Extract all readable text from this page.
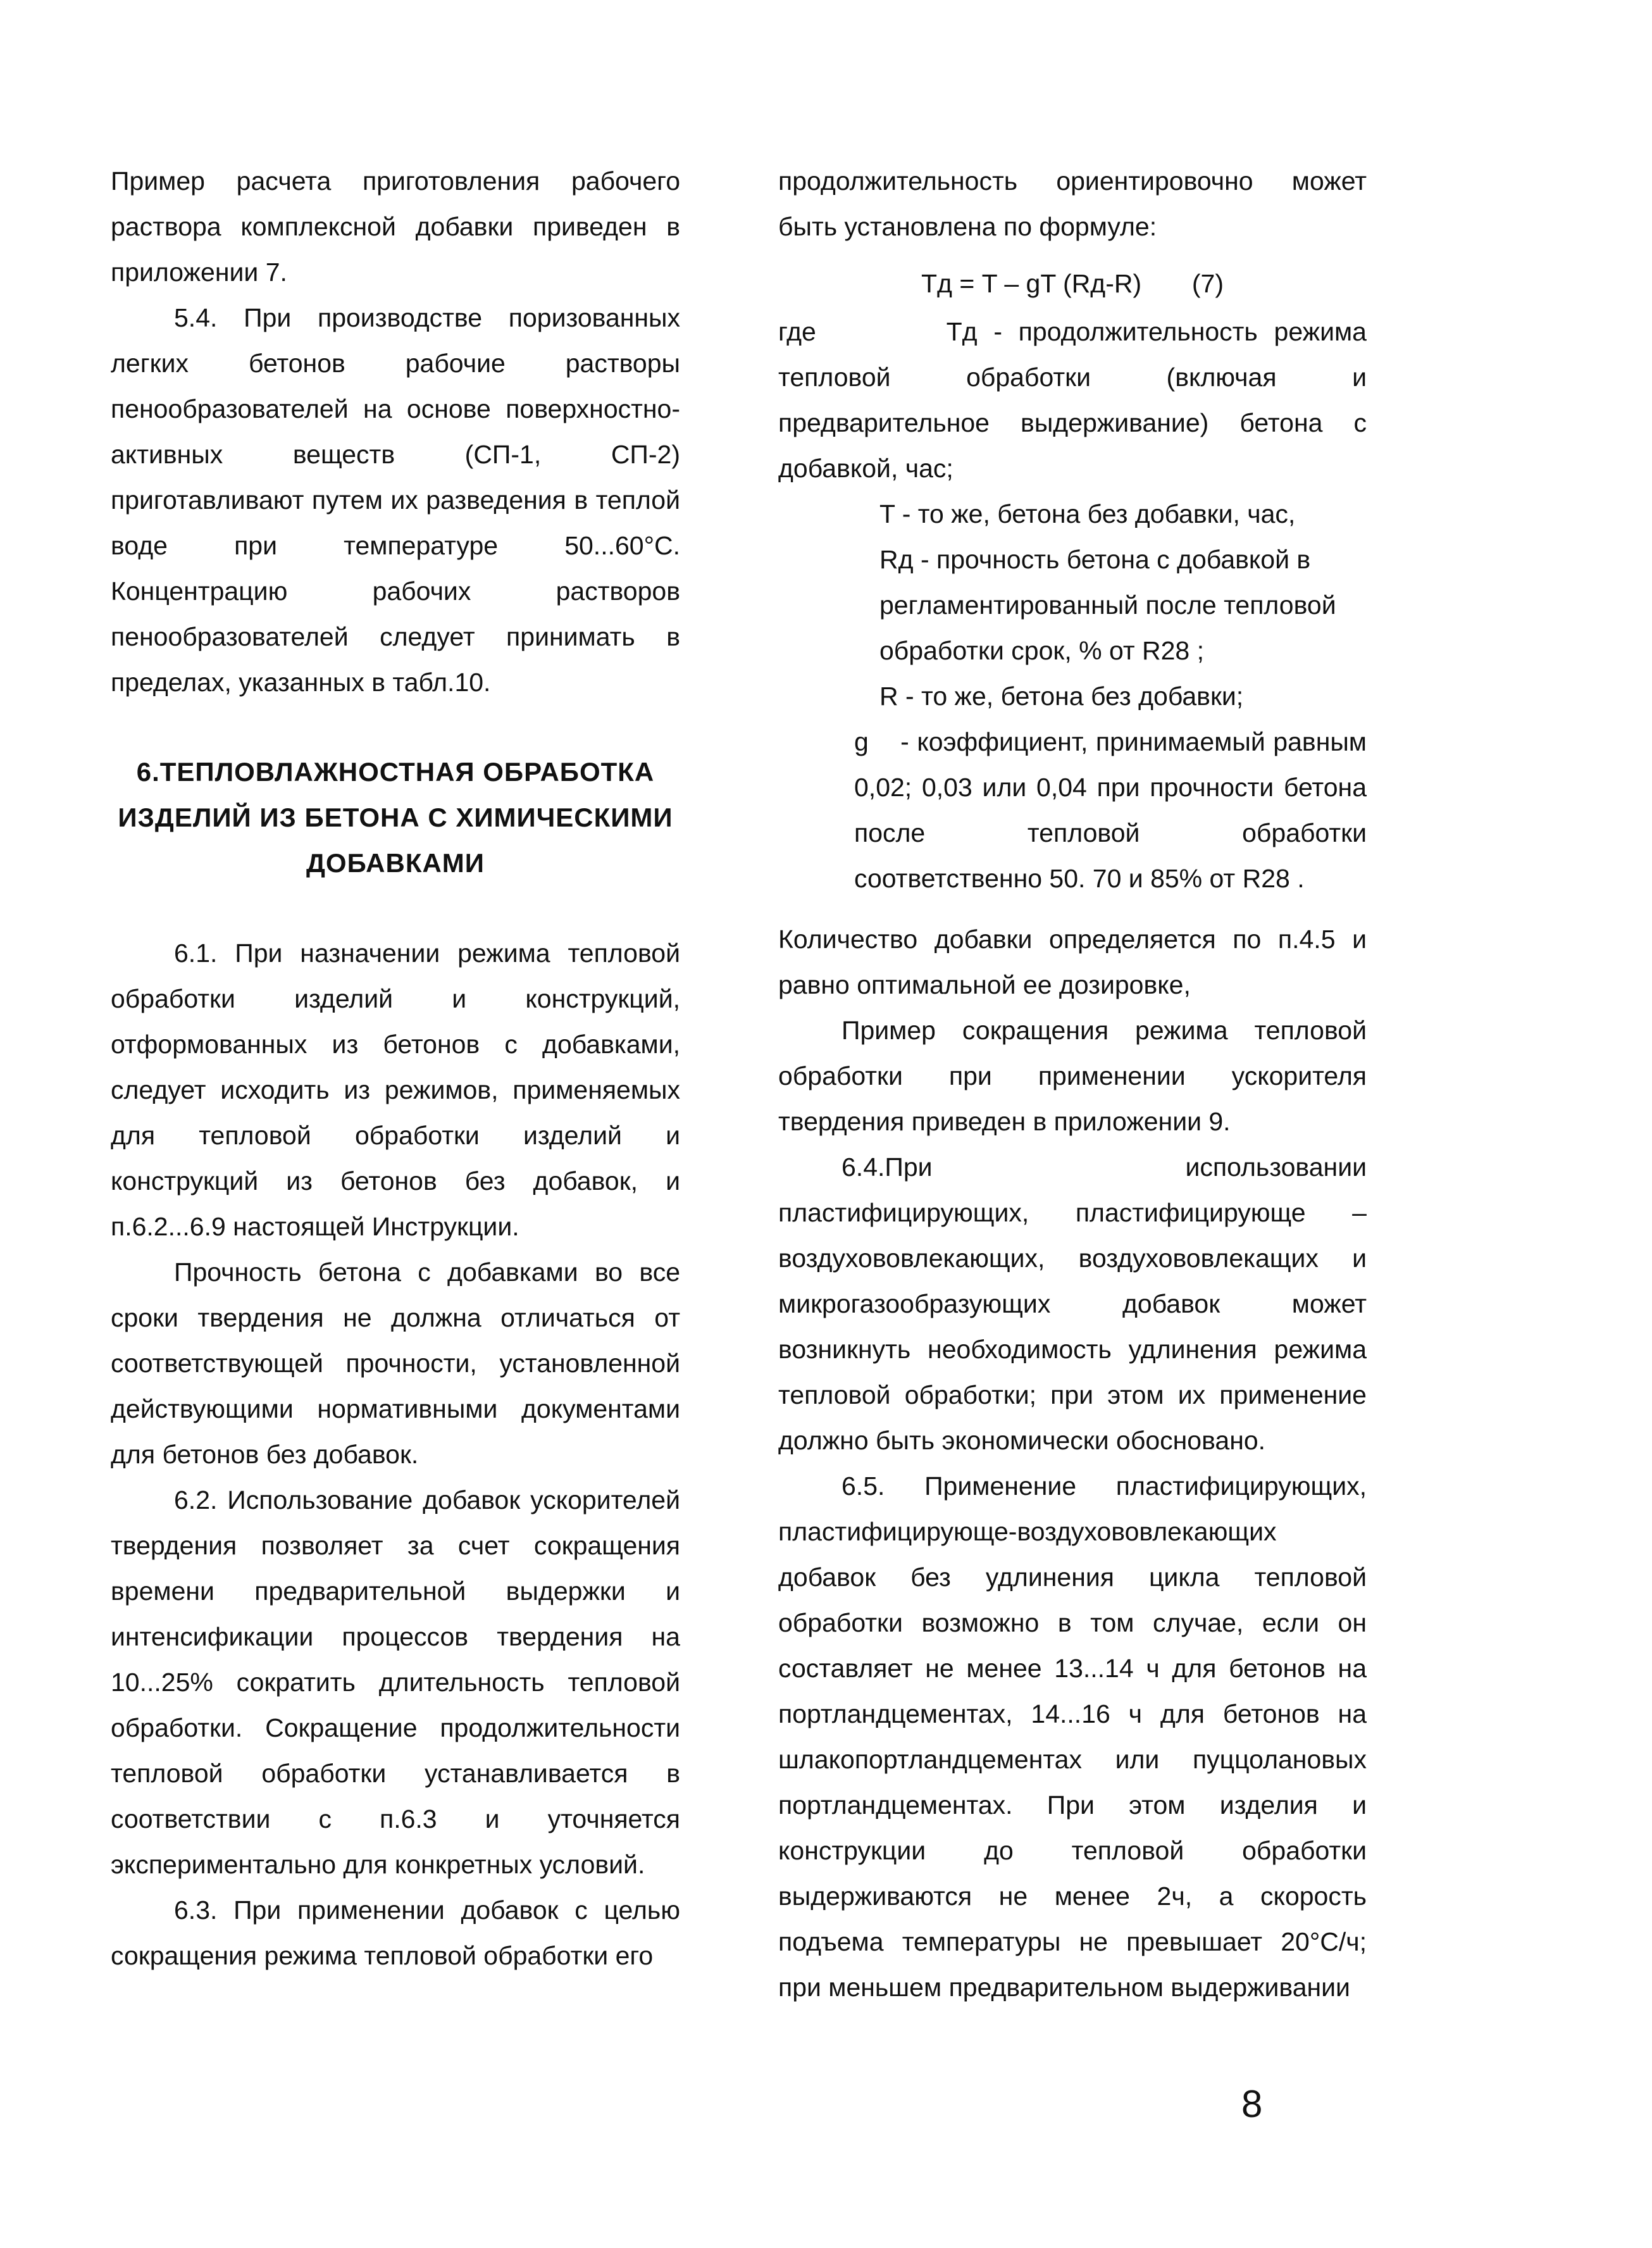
Пример расчета приготовления рабочего раствора комплексной добавки приведен в приложении 7.

5.4. При производстве поризованных легких бетонов рабочие растворы пенообразователей на основе поверхностно-активных веществ (СП-1, СП-2) приготавливают путем их разведения в теплой воде при температуре 50...60°С. Концентрацию рабочих растворов пенообразователей следует принимать в пределах, указанных в табл.10.

6.ТЕПЛОВЛАЖНОСТНАЯ ОБРАБОТКА ИЗДЕЛИЙ ИЗ БЕТОНА С ХИМИЧЕСКИМИ ДОБАВКАМИ

6.1. При назначении режима тепловой обработки изделий и конструкций, отформованных из бетонов с добавками, следует исходить из режимов, применяемых для тепловой обработки изделий и конструкций из бетонов без добавок, и п.6.2...6.9 настоящей Инструкции.

Прочность бетона с добавками во все сроки твердения не должна отличаться от соответствующей прочности, установленной действующими нормативными документами для бетонов без добавок.

6.2. Использование добавок ускорителей твердения позволяет за счет сокращения времени предварительной выдержки и интенсификации процессов твердения на 10...25% сократить длительность тепловой обработки. Сокращение продолжительности тепловой обработки устанавливается в соответствии с п.6.3 и уточняется экспериментально для конкретных условий.

6.3. При применении добавок с целью сокращения режима тепловой обработки его

продолжительность ориентировочно может быть установлена по формуле:

Tд = T – gT (Rд-R) (7)

где	Tд - продолжительность режима тепловой обработки (включая и предварительное выдерживание) бетона с добавкой, час;

T - то же, бетона без добавки, час,

Rд - прочность бетона с добавкой в регламентированный после тепловой обработки срок, % от R28 ;

R - то же, бетона без добавки;

g - коэффициент, принимаемый равным 0,02; 0,03 или 0,04 при прочности бетона после тепловой обработки соответственно 50. 70 и 85% от R28 .

Количество добавки определяется по п.4.5 и равно оптимальной ее дозировке,

Пример сокращения режима тепловой обработки при применении ускорителя твердения приведен в приложении 9.

6.4.При использовании пластифицирующих, пластифицирующе – воздухововлекающих, воздухововлекащих и микрогазообразующих добавок может возникнуть необходимость удлинения режима тепловой обработки; при этом их применение должно быть экономически обосновано.

6.5. Применение пластифицирующих, пластифицирующе-воздухововлекающих добавок без удлинения цикла тепловой обработки возможно в том случае, если он составляет не менее 13...14 ч для бетонов на портландцементах, 14...16 ч для бетонов на шлакопортландцементах или пуццолановых портландцементах. При этом изделия и конструкции до тепловой обработки выдерживаются не менее 2ч, а скорость подъема температуры не превышает 20°С/ч; при меньшем предварительном выдерживании

8
